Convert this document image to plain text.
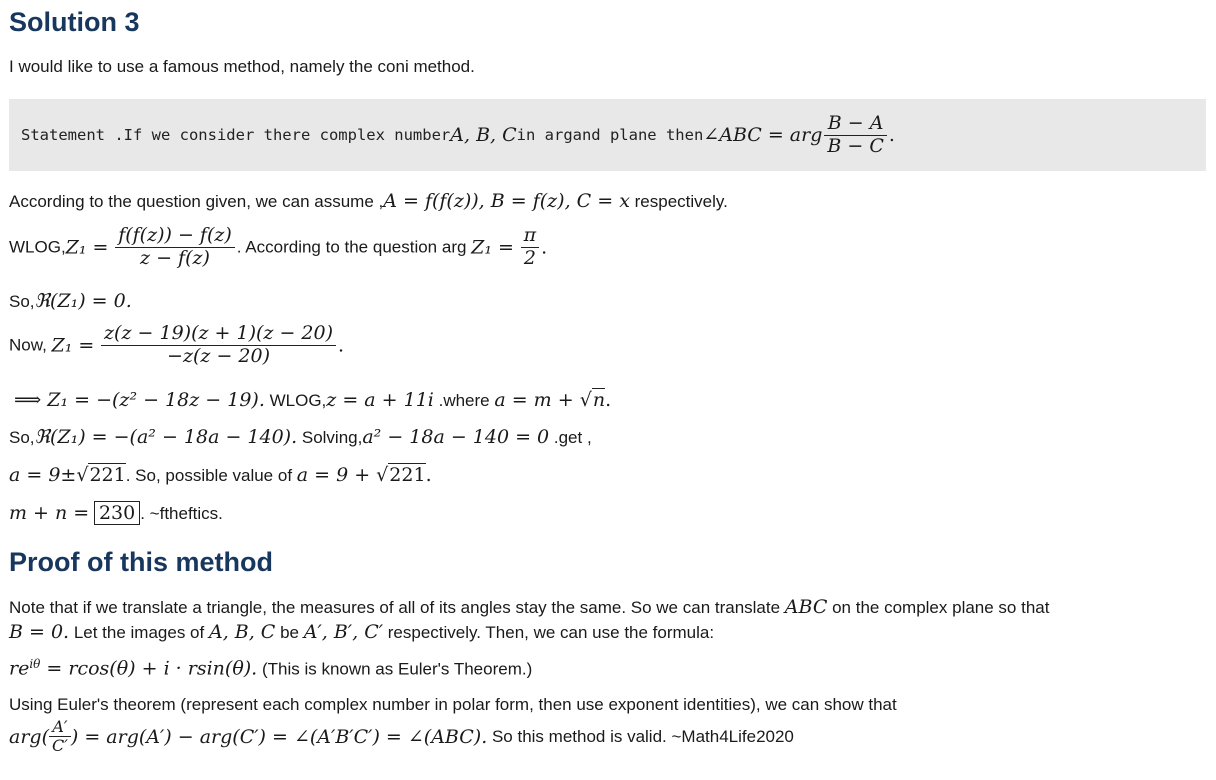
Solution 3
I would like to use a famous method, namely the coni method.
Statement .If we consider there complex number A, B, C in argand plane then ∠ABC = arg $\frac{B - A}{B - C}$ .
According to the question given, we can assume ,A = f(f(z)), B = f(z), C = x respectively.
WLOG,Z₁ = $\frac{f(f(z)) - f(z)}{z - f(z)}$ . According to the question arg $Z_1 = \frac{\pi}{2}$ .
So,ℜ(Z₁) = 0.
Now, $Z_1 = \frac{z(z - 19)(z + 1)(z - 20)}{-z(z - 20)}$ .
⟹ Z₁ = −(z² − 18z − 19). WLOG,z = a + 11i .where a = m + √n.
So,ℜ(Z₁) = −(a² − 18a − 140). Solving,a² − 18a − 140 = 0 .get ,
a = 9±√221. So, possible value of a = 9 + √221.
m + n = 230 . ~ftheftics.
Proof of this method
Note that if we translate a triangle, the measures of all of its angles stay the same. So we can translate ABC on the complex plane so that
B = 0. Let the images of A, B, C be A′, B′, C′ respectively. Then, we can use the formula:
$re^{i\theta} = rcos(\theta) + i \cdot rsin(\theta)$. (This is known as Euler's Theorem.)
Using Euler's theorem (represent each complex number in polar form, then use exponent identities), we can show that
$arg( \frac{A'}{C'}$ ) = arg(A′) − arg(C′) = ∠(A′B′C′) = ∠(ABC). So this method is valid. ~Math4Life2020
